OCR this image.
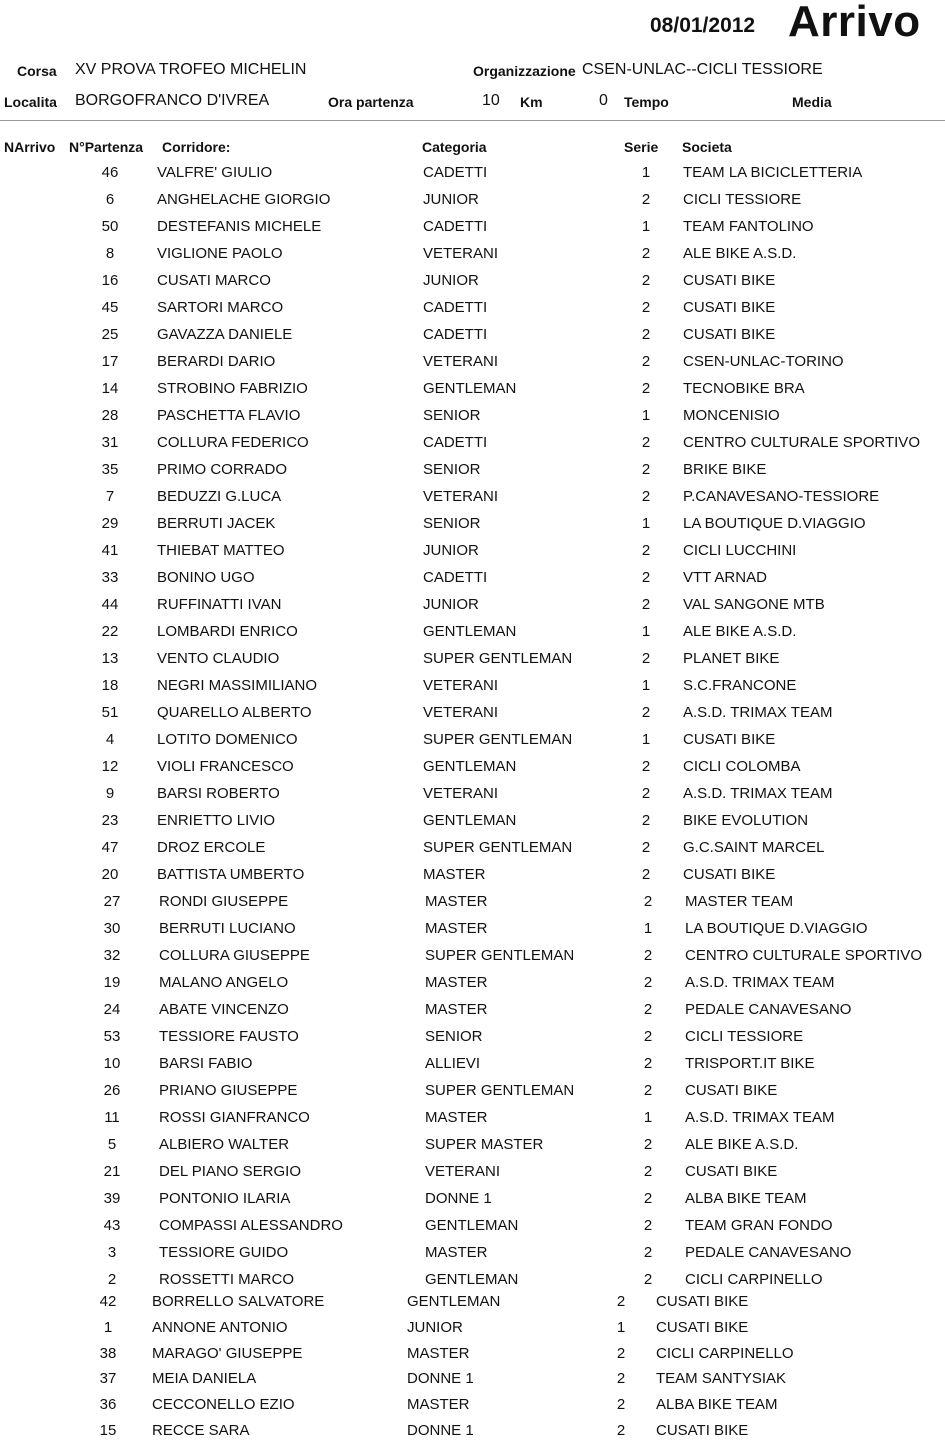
08/01/2012 Arrivo
Corsa XV PROVA TROFEO MICHELIN	Organizzazione CSEN-UNLAC--CICLI TESSIORE
Localita BORGOFRANCO D'IVREA	Ora partenza	10 Km	0 Tempo	Media
NArrivo N°Partenza Corridore:	Categoria	Serie Societa
46	VALFRE' GIULIO	CADETTI	1	TEAM LA BICICLETTERIA
6	ANGHELACHE GIORGIO	JUNIOR	2	CICLI TESSIORE
50	DESTEFANIS MICHELE	CADETTI	1	TEAM FANTOLINO
8	VIGLIONE PAOLO	VETERANI	2	ALE BIKE A.S.D.
16	CUSATI MARCO	JUNIOR	2	CUSATI BIKE
45	SARTORI MARCO	CADETTI	2	CUSATI BIKE
25	GAVAZZA DANIELE	CADETTI	2	CUSATI BIKE
17	BERARDI DARIO	VETERANI	2	CSEN-UNLAC-TORINO
14	STROBINO FABRIZIO	GENTLEMAN	2	TECNOBIKE BRA
28	PASCHETTA FLAVIO	SENIOR	1	MONCENISIO
31	COLLURA FEDERICO	CADETTI	2	CENTRO CULTURALE SPORTIVO
35	PRIMO CORRADO	SENIOR	2	BRIKE BIKE
7	BEDUZZI G.LUCA	VETERANI	2	P.CANAVESANO-TESSIORE
29	BERRUTI JACEK	SENIOR	1	LA BOUTIQUE D.VIAGGIO
41	THIEBAT MATTEO	JUNIOR	2	CICLI LUCCHINI
33	BONINO UGO	CADETTI	2	VTT ARNAD
44	RUFFINATTI IVAN	JUNIOR	2	VAL SANGONE MTB
22	LOMBARDI ENRICO	GENTLEMAN	1	ALE BIKE A.S.D.
13	VENTO CLAUDIO	SUPER GENTLEMAN	2	PLANET BIKE
18	NEGRI MASSIMILIANO	VETERANI	1	S.C.FRANCONE
51	QUARELLO ALBERTO	VETERANI	2	A.S.D. TRIMAX TEAM
4	LOTITO DOMENICO	SUPER GENTLEMAN	1	CUSATI BIKE
12	VIOLI FRANCESCO	GENTLEMAN	2	CICLI COLOMBA
9	BARSI ROBERTO	VETERANI	2	A.S.D. TRIMAX TEAM
23	ENRIETTO LIVIO	GENTLEMAN	2	BIKE EVOLUTION
47	DROZ ERCOLE	SUPER GENTLEMAN	2	G.C.SAINT MARCEL
20	BATTISTA UMBERTO	MASTER	2	CUSATI BIKE
27	RONDI GIUSEPPE	MASTER	2	MASTER TEAM
30	BERRUTI LUCIANO	MASTER	1	LA BOUTIQUE D.VIAGGIO
32	COLLURA GIUSEPPE	SUPER GENTLEMAN	2	CENTRO CULTURALE SPORTIVO
19	MALANO ANGELO	MASTER	2	A.S.D. TRIMAX TEAM
24	ABATE VINCENZO	MASTER	2	PEDALE CANAVESANO
53	TESSIORE FAUSTO	SENIOR	2	CICLI TESSIORE
10	BARSI FABIO	ALLIEVI	2	TRISPORT.IT BIKE
26	PRIANO GIUSEPPE	SUPER GENTLEMAN	2	CUSATI BIKE
11	ROSSI GIANFRANCO	MASTER	1	A.S.D. TRIMAX TEAM
5	ALBIERO WALTER	SUPER MASTER	2	ALE BIKE A.S.D.
21	DEL PIANO SERGIO	VETERANI	2	CUSATI BIKE
39	PONTONIO ILARIA	DONNE 1	2	ALBA BIKE TEAM
43	COMPASSI ALESSANDRO	GENTLEMAN	2	TEAM GRAN FONDO
3	TESSIORE GUIDO	MASTER	2	PEDALE CANAVESANO
2	ROSSETTI MARCO	GENTLEMAN	2	CICLI CARPINELLO
42	BORRELLO SALVATORE	GENTLEMAN	2	CUSATI BIKE
1	ANNONE ANTONIO	JUNIOR	1	CUSATI BIKE
38	MARAGO' GIUSEPPE	MASTER	2	CICLI CARPINELLO
37	MEIA DANIELA	DONNE 1	2	TEAM SANTYSIAK
36	CECCONELLO EZIO	MASTER	2	ALBA BIKE TEAM
15	RECCE SARA	DONNE 1	2	CUSATI BIKE
